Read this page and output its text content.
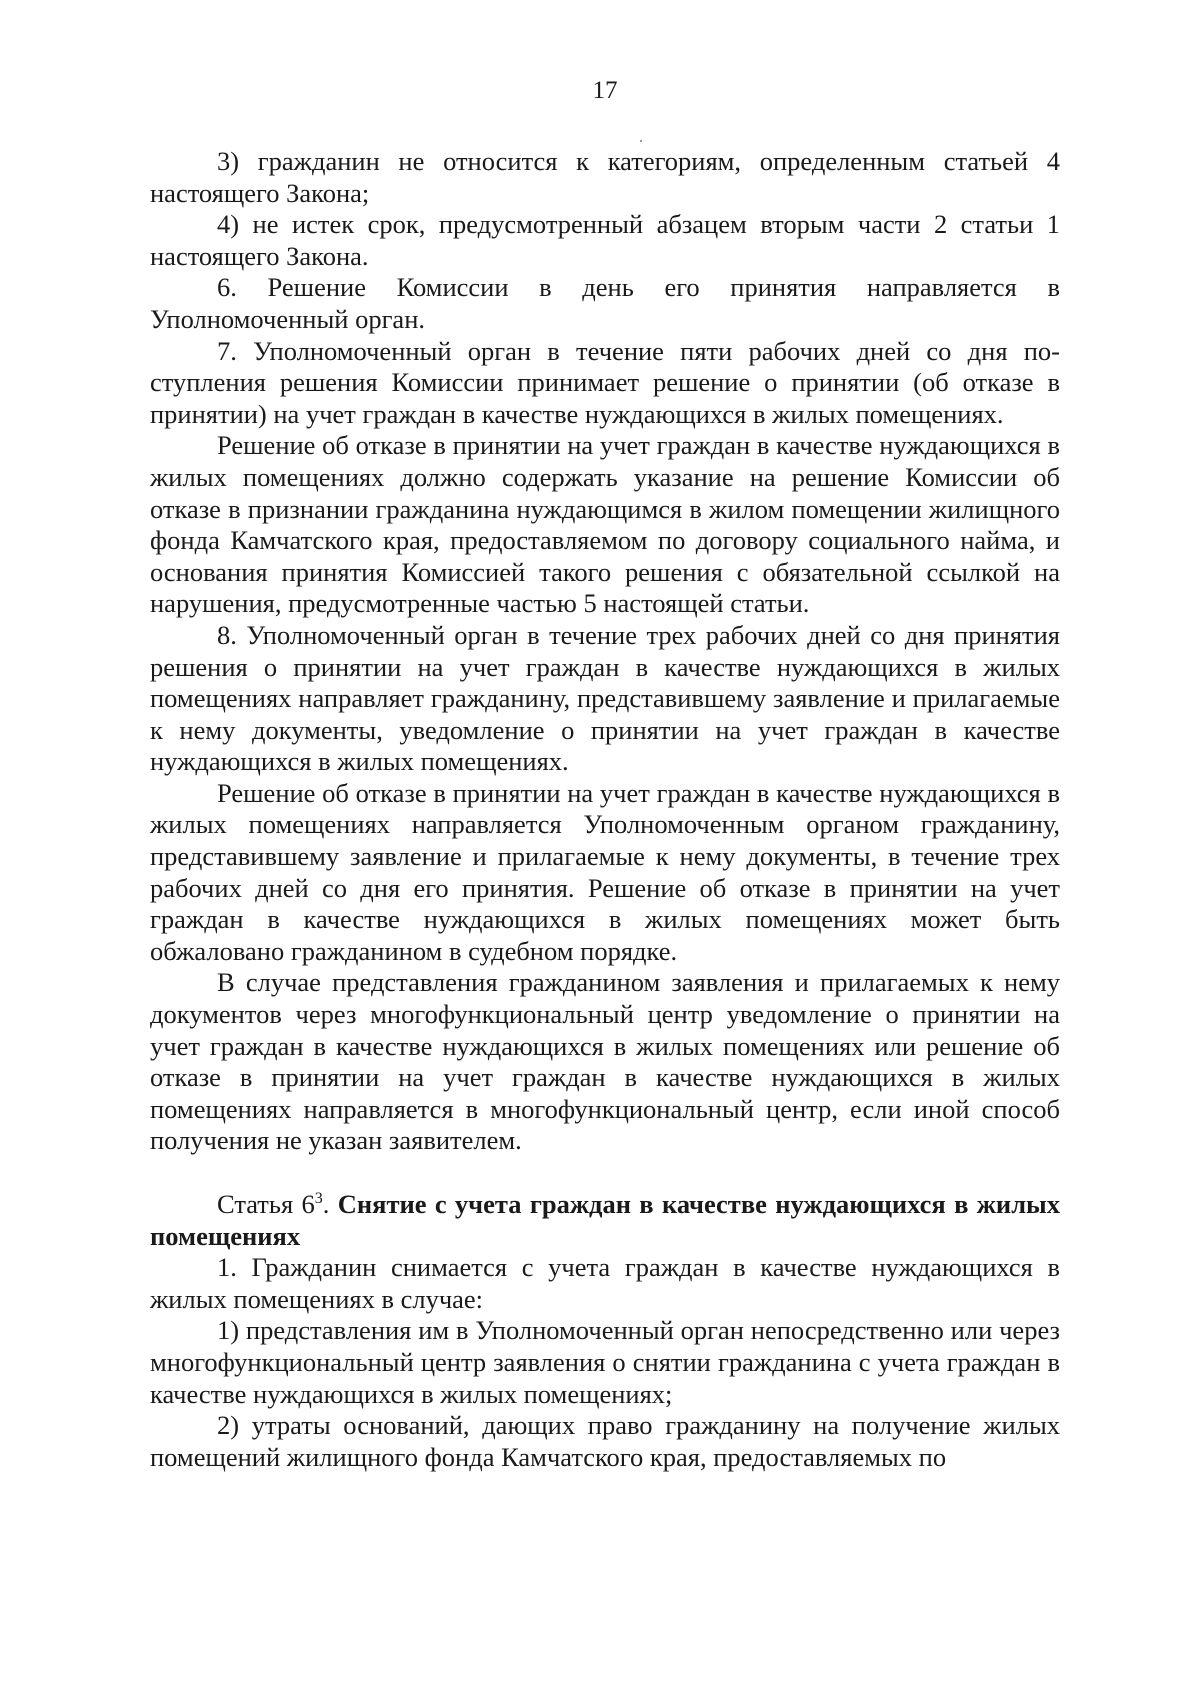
17

3) гражданин не относится к категориям, определенным статьей 4 настоящего Закона;

4) не истек срок, предусмотренный абзацем вторым части 2 статьи 1 настоящего Закона.

6. Решение Комиссии в день его принятия направляется в Уполномоченный орган.

7. Уполномоченный орган в течение пяти рабочих дней со дня поступления решения Комиссии принимает решение о принятии (об отказе в принятии) на учет граждан в качестве нуждающихся в жилых помещениях.

Решение об отказе в принятии на учет граждан в качестве нуждающихся в жилых помещениях должно содержать указание на решение Комиссии об отказе в признании гражданина нуждающимся в жилом помещении жилищного фонда Камчатского края, предоставляемом по договору социального найма, и основания принятия Комиссией такого решения с обязательной ссылкой на нарушения, предусмотренные частью 5 настоящей статьи.

8. Уполномоченный орган в течение трех рабочих дней со дня принятия решения о принятии на учет граждан в качестве нуждающихся в жилых помещениях направляет гражданину, представившему заявление и прилагаемые к нему документы, уведомление о принятии на учет граждан в качестве нуждающихся в жилых помещениях.

Решение об отказе в принятии на учет граждан в качестве нуждающихся в жилых помещениях направляется Уполномоченным органом гражданину, представившему заявление и прилагаемые к нему документы, в течение трех рабочих дней со дня его принятия. Решение об отказе в принятии на учет граждан в качестве нуждающихся в жилых помещениях может быть обжаловано гражданином в судебном порядке.

В случае представления гражданином заявления и прилагаемых к нему документов через многофункциональный центр уведомление о принятии на учет граждан в качестве нуждающихся в жилых помещениях или решение об отказе в принятии на учет граждан в качестве нуждающихся в жилых помещениях направляется в многофункциональный центр, если иной способ получения не указан заявителем.

Статья $6^3$. Снятие с учета граждан в качестве нуждающихся в жилых помещениях

1. Гражданин снимается с учета граждан в качестве нуждающихся в жилых помещениях в случае:

1) представления им в Уполномоченный орган непосредственно или через многофункциональный центр заявления о снятии гражданина с учета граждан в качестве нуждающихся в жилых помещениях;

2) утраты оснований, дающих право гражданину на получение жилых помещений жилищного фонда Камчатского края, предоставляемых по
